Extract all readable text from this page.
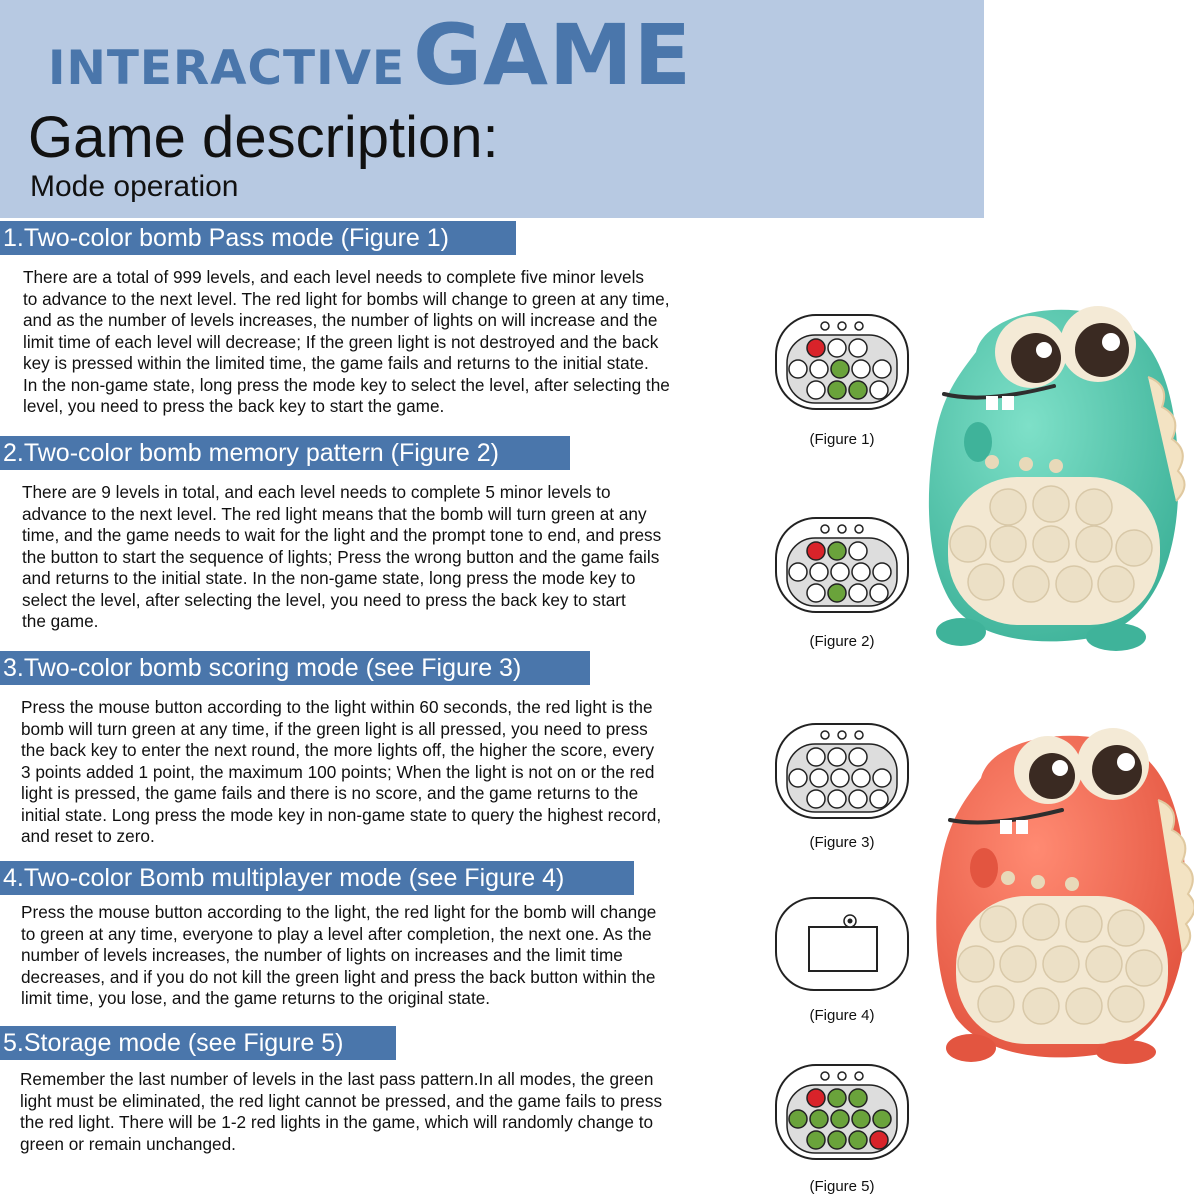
INTERACTIVEGAME
Game description:
Mode operation
1.Two-color bomb Pass mode (Figure 1)
There are a total of 999 levels, and each level needs to complete five minor levels
to advance to the next level. The red light for bombs will change to green at any time,
and as the number of levels increases, the number of lights on will increase and the
limit time of each level will decrease; If the green light is not destroyed and the back
key is pressed within the limited time, the game fails and returns to the initial state.
In the non-game state, long press the mode key to select the level, after selecting the
level, you need to press the back key to start the game.
2.Two-color bomb memory pattern (Figure 2)
There are 9 levels in total, and each level needs to complete 5 minor levels to
advance to the next level. The red light means that the bomb will turn green at any
time, and the game needs to wait for the light and the prompt tone to end, and press
the button to start the sequence of lights; Press the wrong button and the game fails
and returns to the initial state. In the non-game state, long press the mode key to
select the level, after selecting the level, you need to press the back key to start
the game.
3.Two-color bomb scoring mode (see Figure 3)
Press the mouse button according to the light within 60 seconds, the red light is the
bomb will turn green at any time, if the green light is all pressed, you need to press
the back key to enter the next round, the more lights off, the higher the score, every
3 points added 1 point, the maximum 100 points; When the light is not on or the red
light is pressed, the game fails and there is no score, and the game returns to the
initial state. Long press the mode key in non-game state to query the highest record,
and reset to zero.
4.Two-color Bomb multiplayer mode (see Figure 4)
Press the mouse button according to the light, the red light for the bomb will change
to green at any time, everyone to play a level after completion, the next one. As the
number of levels increases, the number of lights on increases and the limit time
decreases, and if you do not kill the green light and press the back button within the
limit time, you lose, and the game returns to the original state.
5.Storage mode (see Figure 5)
Remember the last number of levels in the last pass pattern.In all modes, the green
light must be eliminated, the red light cannot be pressed, and the game fails to press
the red light. There will be 1-2 red lights in the game, which will randomly change to
green or remain unchanged.
(Figure 1)
(Figure 2)
(Figure 3)
(Figure 4)
(Figure 5)
